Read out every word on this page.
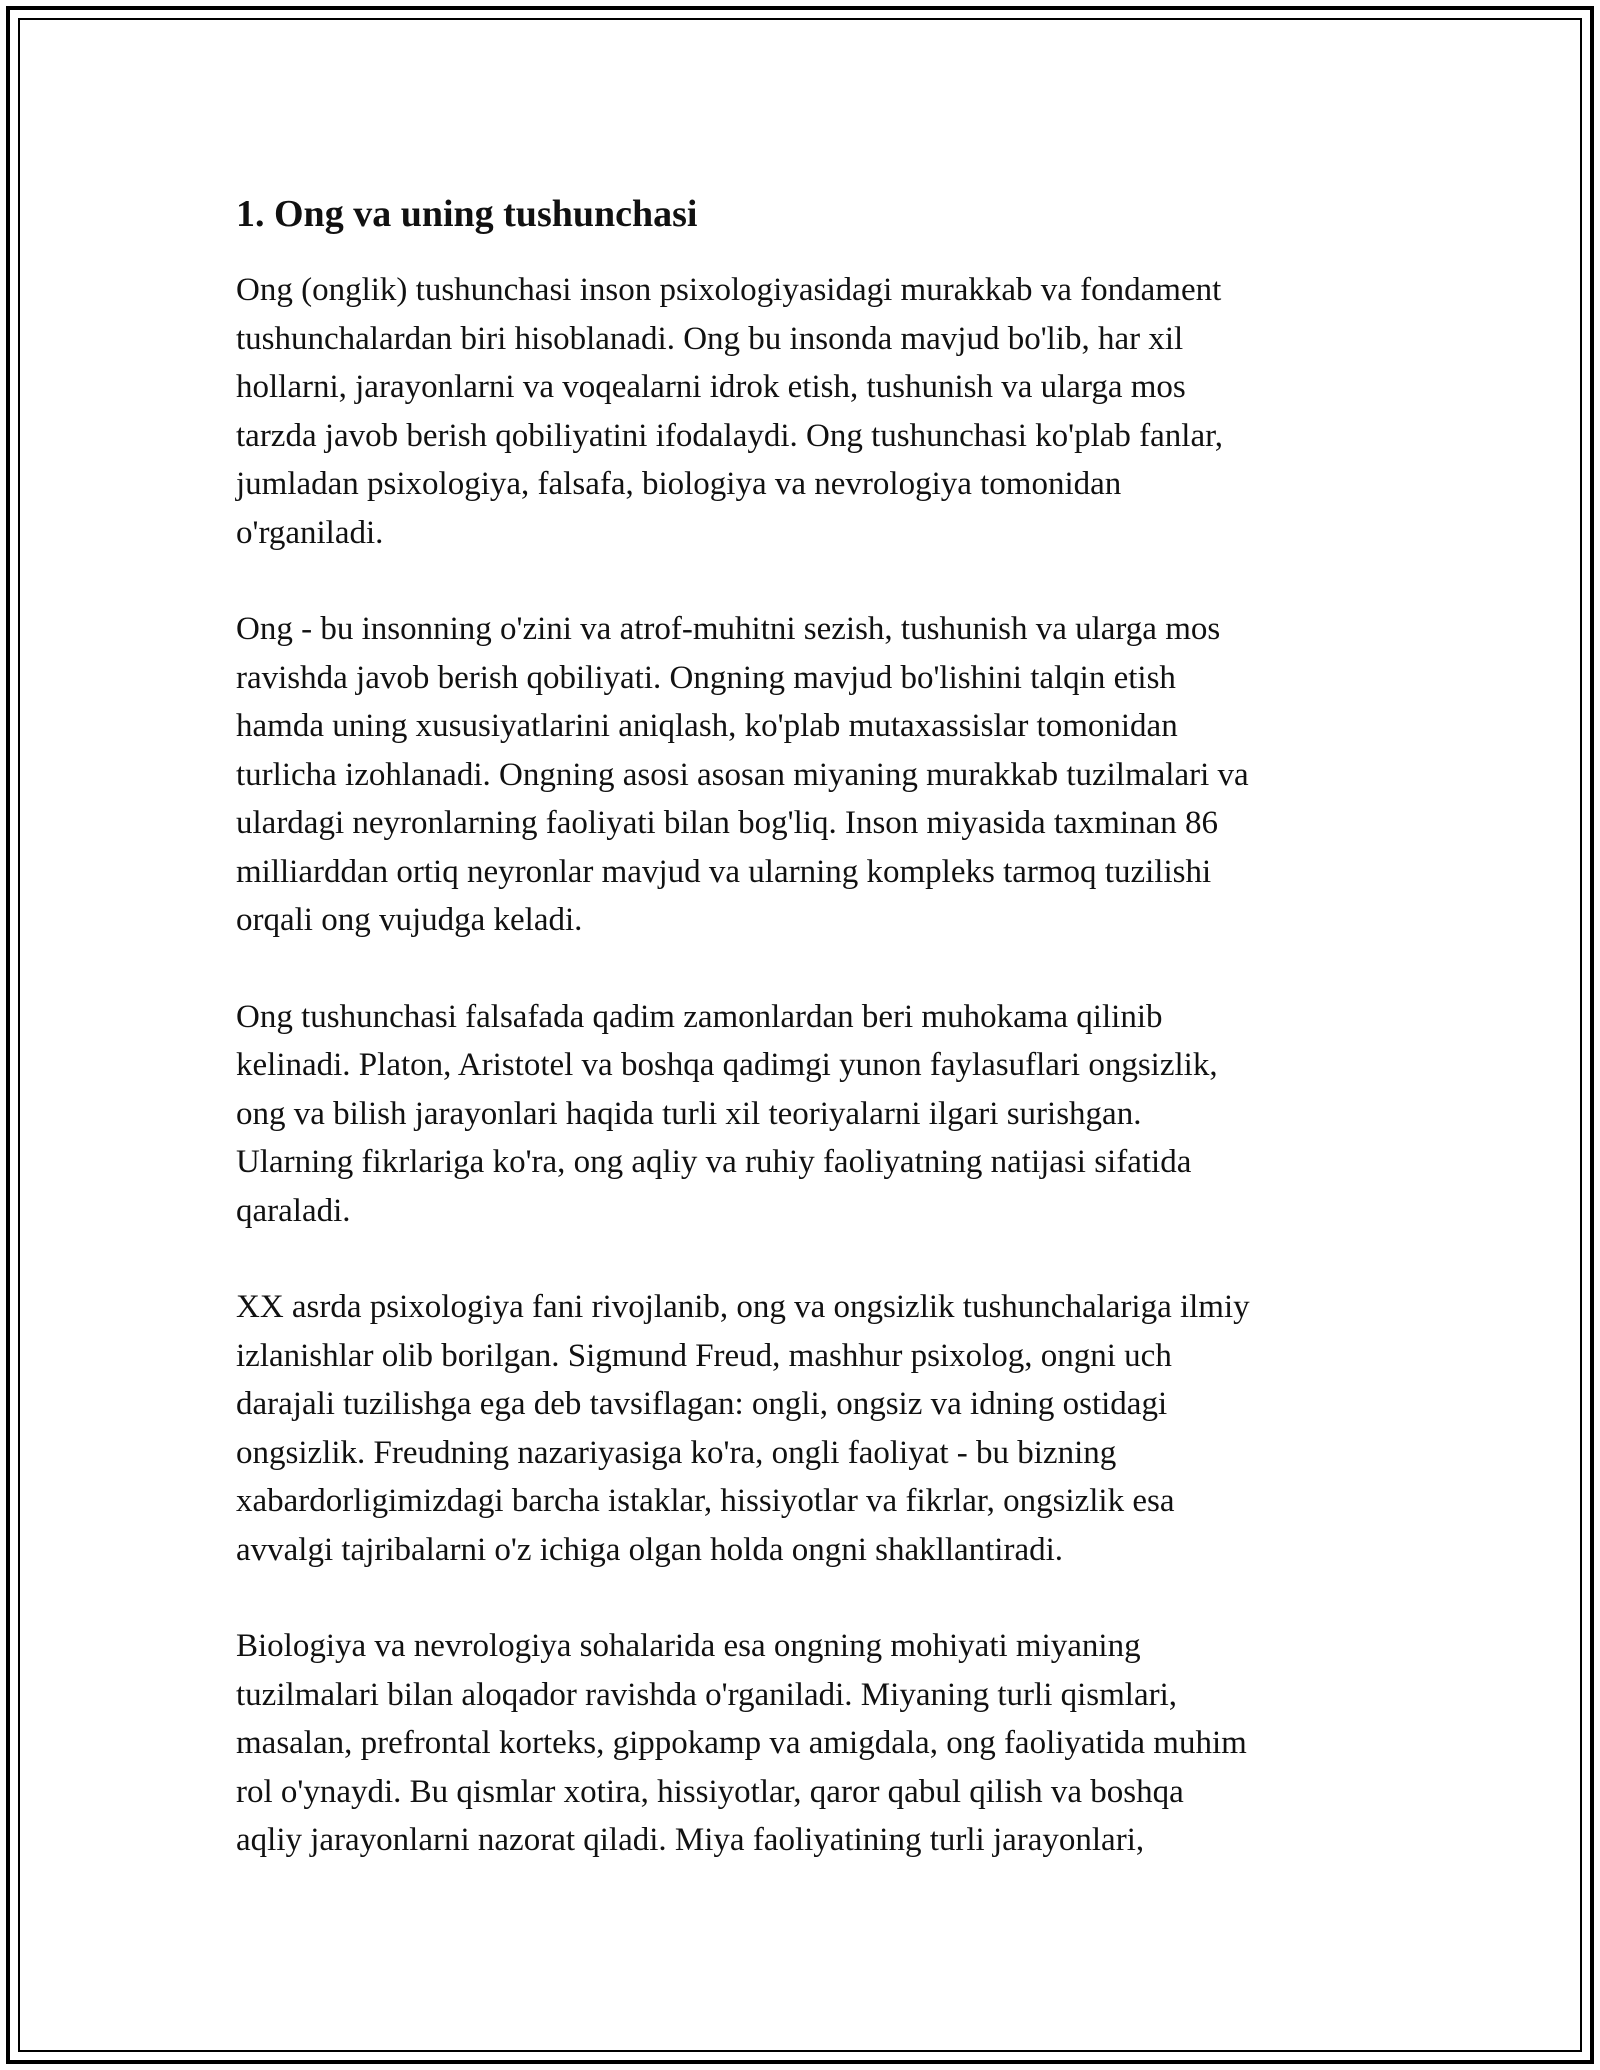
1. Ong va uning tushunchasi

Ong (onglik) tushunchasi inson psixologiyasidagi murakkab va fondament
tushunchalardan biri hisoblanadi. Ong bu insonda mavjud bo'lib, har xil
hollarni, jarayonlarni va voqealarni idrok etish, tushunish va ularga mos
tarzda javob berish qobiliyatini ifodalaydi. Ong tushunchasi ko'plab fanlar,
jumladan psixologiya, falsafa, biologiya va nevrologiya tomonidan
o'rganiladi.

Ong - bu insonning o'zini va atrof-muhitni sezish, tushunish va ularga mos
ravishda javob berish qobiliyati. Ongning mavjud bo'lishini talqin etish
hamda uning xususiyatlarini aniqlash, ko'plab mutaxassislar tomonidan
turlicha izohlanadi. Ongning asosi asosan miyaning murakkab tuzilmalari va
ulardagi neyronlarning faoliyati bilan bog'liq. Inson miyasida taxminan 86
milliarddan ortiq neyronlar mavjud va ularning kompleks tarmoq tuzilishi
orqali ong vujudga keladi.

Ong tushunchasi falsafada qadim zamonlardan beri muhokama qilinib
kelinadi. Platon, Aristotel va boshqa qadimgi yunon faylasuflari ongsizlik,
ong va bilish jarayonlari haqida turli xil teoriyalarni ilgari surishgan.
Ularning fikrlariga ko'ra, ong aqliy va ruhiy faoliyatning natijasi sifatida
qaraladi.

XX asrda psixologiya fani rivojlanib, ong va ongsizlik tushunchalariga ilmiy
izlanishlar olib borilgan. Sigmund Freud, mashhur psixolog, ongni uch
darajali tuzilishga ega deb tavsiflagan: ongli, ongsiz va idning ostidagi
ongsizlik. Freudning nazariyasiga ko'ra, ongli faoliyat - bu bizning
xabardorligimizdagi barcha istaklar, hissiyotlar va fikrlar, ongsizlik esa
avvalgi tajribalarni o'z ichiga olgan holda ongni shakllantiradi.

Biologiya va nevrologiya sohalarida esa ongning mohiyati miyaning
tuzilmalari bilan aloqador ravishda o'rganiladi. Miyaning turli qismlari,
masalan, prefrontal korteks, gippokamp va amigdala, ong faoliyatida muhim
rol o'ynaydi. Bu qismlar xotira, hissiyotlar, qaror qabul qilish va boshqa
aqliy jarayonlarni nazorat qiladi. Miya faoliyatining turli jarayonlari,
